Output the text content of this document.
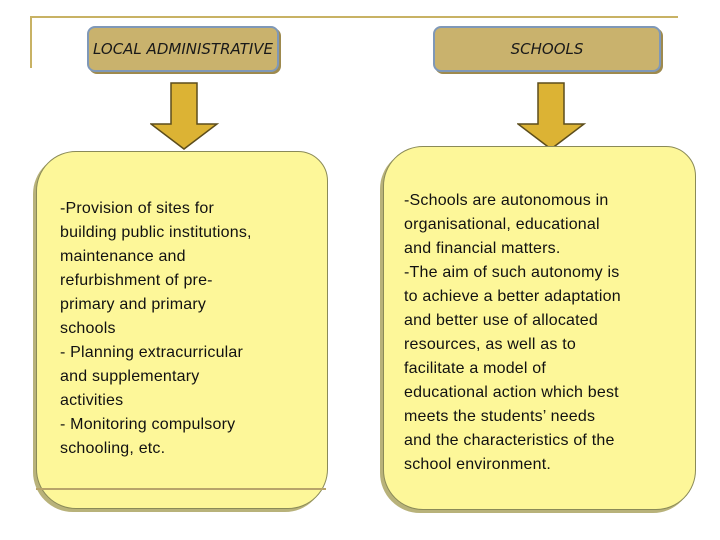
LOCAL ADMINISTRATIVE	SCHOOLS

-Provision of sites for
building public institutions,
maintenance and
refurbishment of pre-
primary and primary
schools
- Planning extracurricular
and supplementary
activities
- Monitoring compulsory
schooling, etc.

-Schools are autonomous in
organisational, educational
and financial matters.
-The aim of such autonomy is
to achieve a better adaptation
and better use of allocated
resources, as well as to
facilitate a model of
educational action which best
meets the students’ needs
and the characteristics of the
school environment.
